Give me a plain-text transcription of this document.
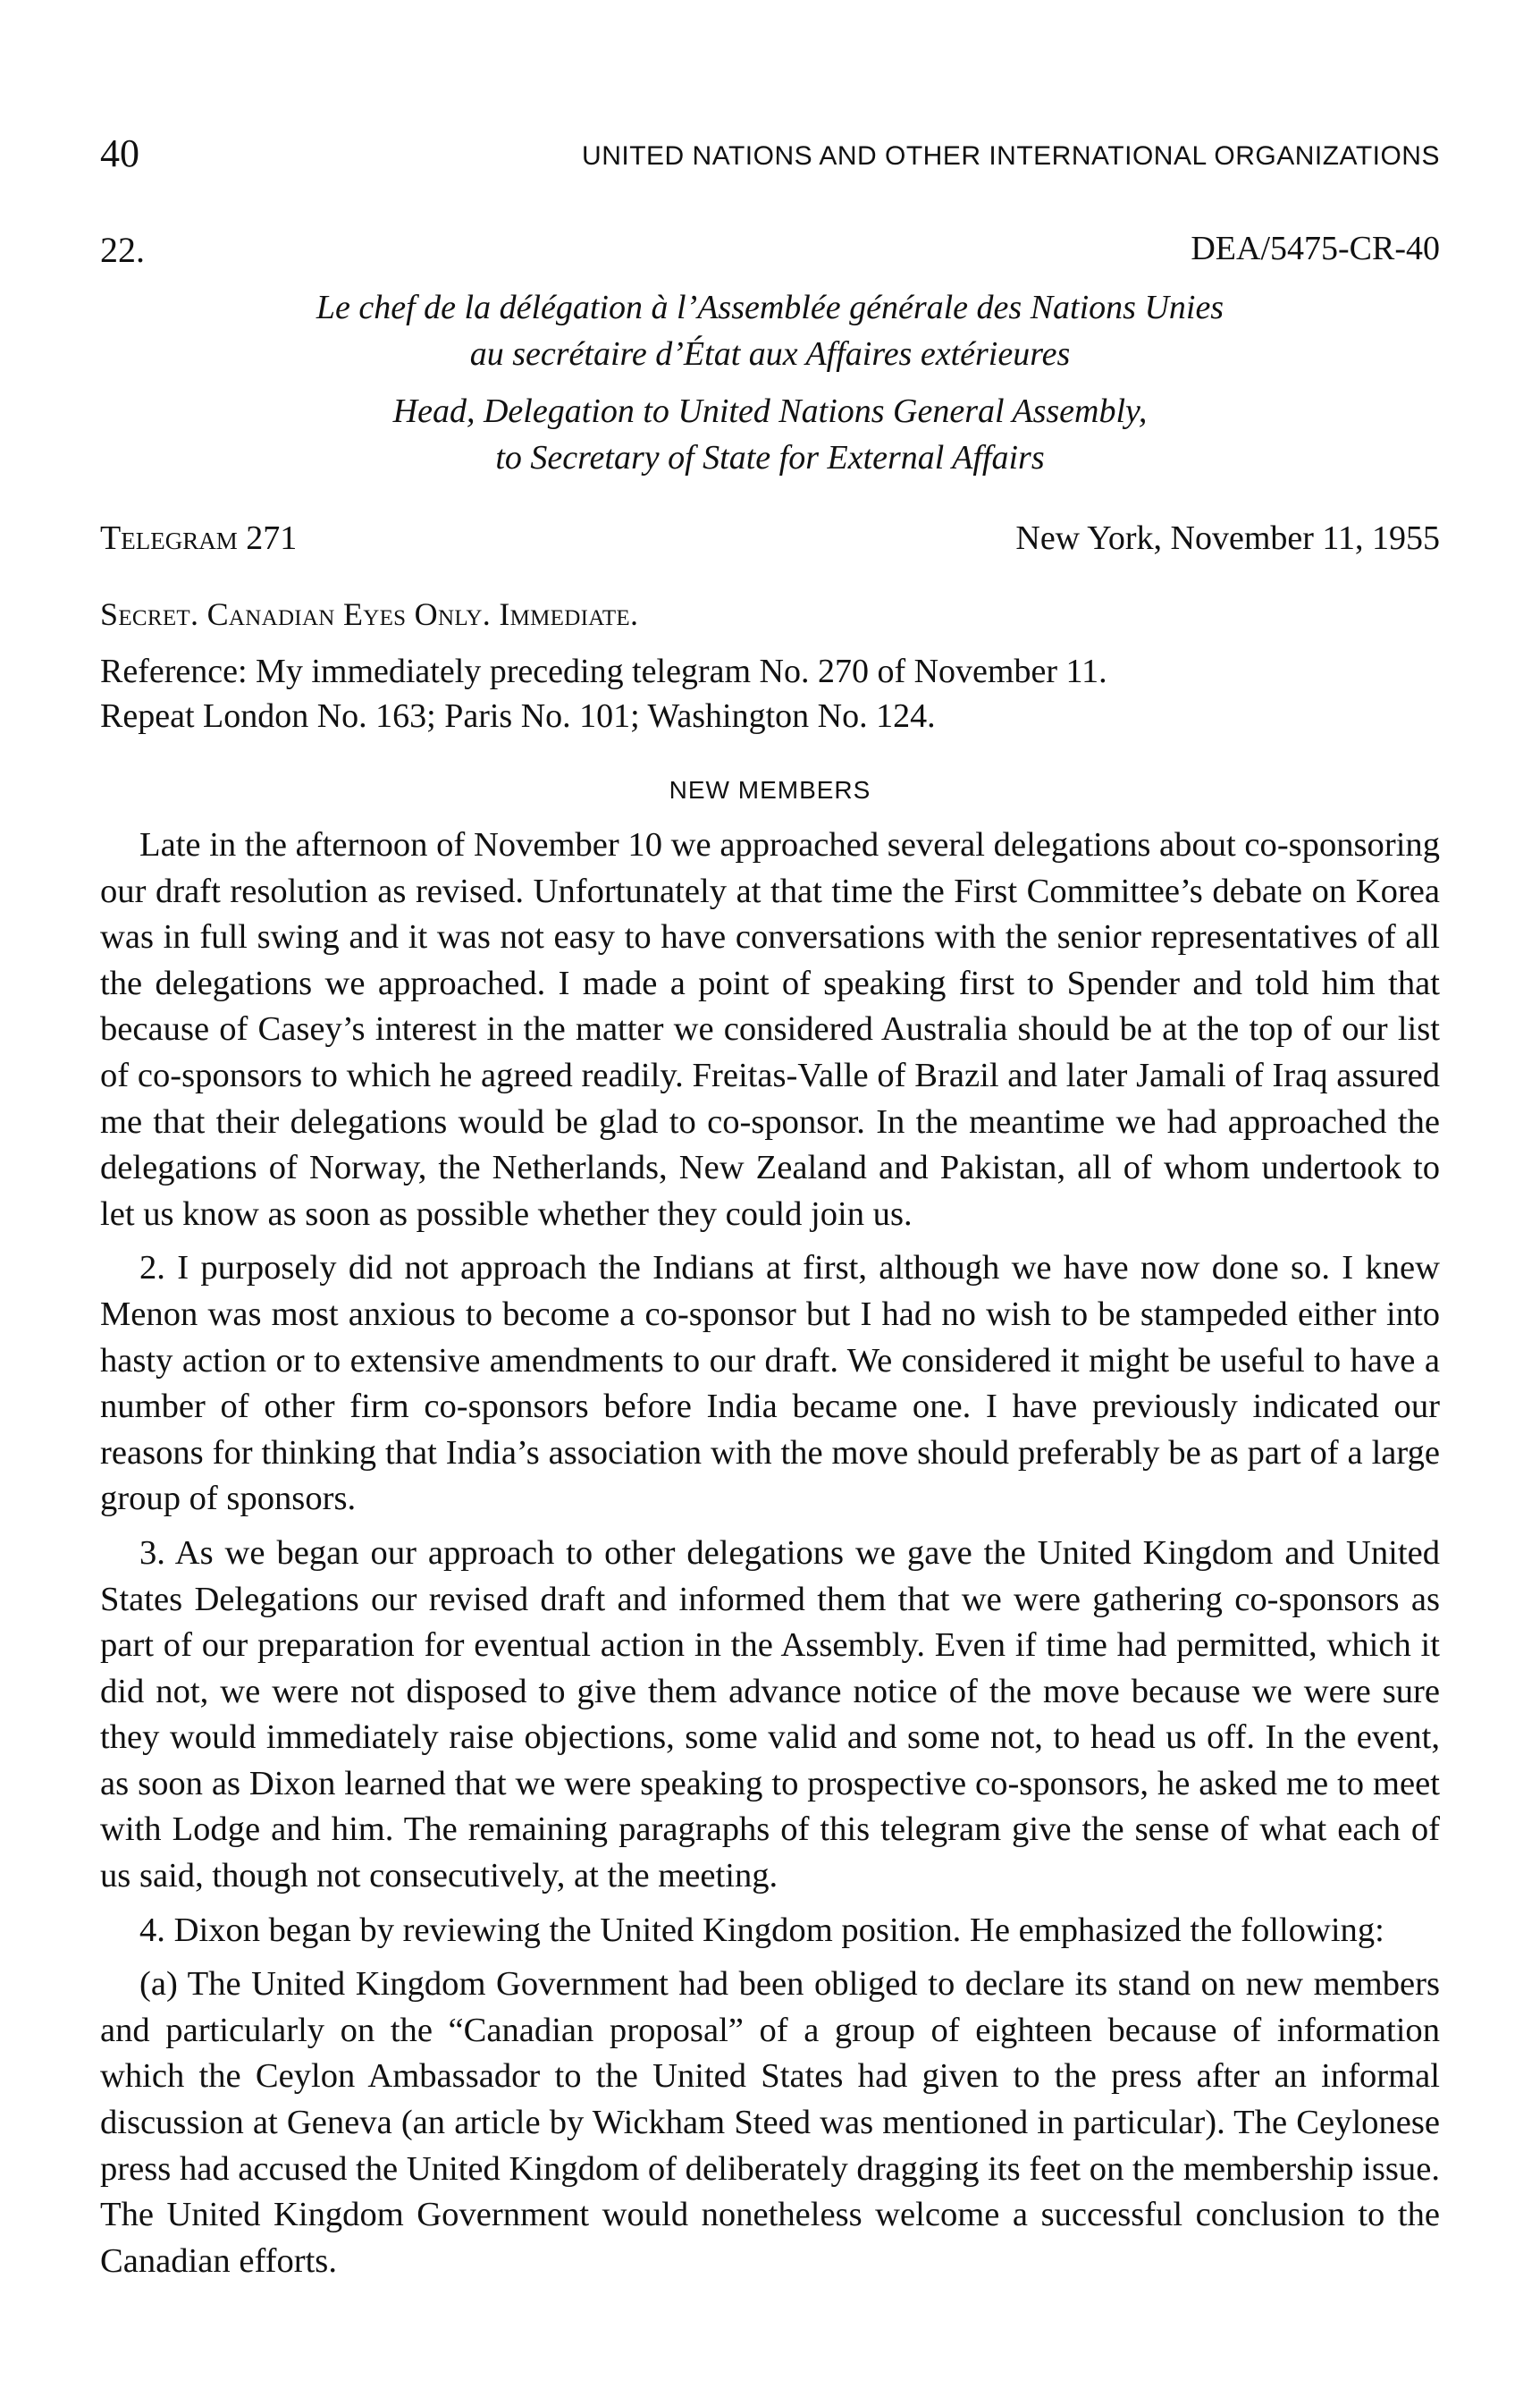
40	UNITED NATIONS AND OTHER INTERNATIONAL ORGANIZATIONS
22.	DEA/5475-CR-40
Le chef de la délégation à l’Assemblée générale des Nations Unies
au secrétaire d’État aux Affaires extérieures
Head, Delegation to United Nations General Assembly,
to Secretary of State for External Affairs
Telegram 271	New York, November 11, 1955
Secret. Canadian Eyes Only. Immediate.
Reference: My immediately preceding telegram No. 270 of November 11.
Repeat London No. 163; Paris No. 101; Washington No. 124.
NEW MEMBERS

Late in the afternoon of November 10 we approached several delegations about co-sponsoring our draft resolution as revised. Unfortunately at that time the First Committee’s debate on Korea was in full swing and it was not easy to have conversations with the senior representatives of all the delegations we approached. I made a point of speaking first to Spender and told him that because of Casey’s interest in the matter we considered Australia should be at the top of our list of co-sponsors to which he agreed readily. Freitas-Valle of Brazil and later Jamali of Iraq assured me that their delegations would be glad to co-sponsor. In the meantime we had approached the delegations of Norway, the Netherlands, New Zealand and Pakistan, all of whom undertook to let us know as soon as possible whether they could join us.

2. I purposely did not approach the Indians at first, although we have now done so. I knew Menon was most anxious to become a co-sponsor but I had no wish to be stampeded either into hasty action or to extensive amendments to our draft. We considered it might be useful to have a number of other firm co-sponsors before India became one. I have previously indicated our reasons for thinking that India’s association with the move should preferably be as part of a large group of sponsors.

3. As we began our approach to other delegations we gave the United Kingdom and United States Delegations our revised draft and informed them that we were gathering co-sponsors as part of our preparation for eventual action in the Assembly. Even if time had permitted, which it did not, we were not disposed to give them advance notice of the move because we were sure they would immediately raise objections, some valid and some not, to head us off. In the event, as soon as Dixon learned that we were speaking to prospective co-sponsors, he asked me to meet with Lodge and him. The remaining paragraphs of this telegram give the sense of what each of us said, though not consecutively, at the meeting.

4. Dixon began by reviewing the United Kingdom position. He emphasized the following:

(a) The United Kingdom Government had been obliged to declare its stand on new members and particularly on the “Canadian proposal” of a group of eighteen because of information which the Ceylon Ambassador to the United States had given to the press after an informal discussion at Geneva (an article by Wickham Steed was mentioned in particular). The Ceylonese press had accused the United Kingdom of deliberately dragging its feet on the membership issue. The United Kingdom Government would nonetheless welcome a successful conclusion to the Canadian efforts.
